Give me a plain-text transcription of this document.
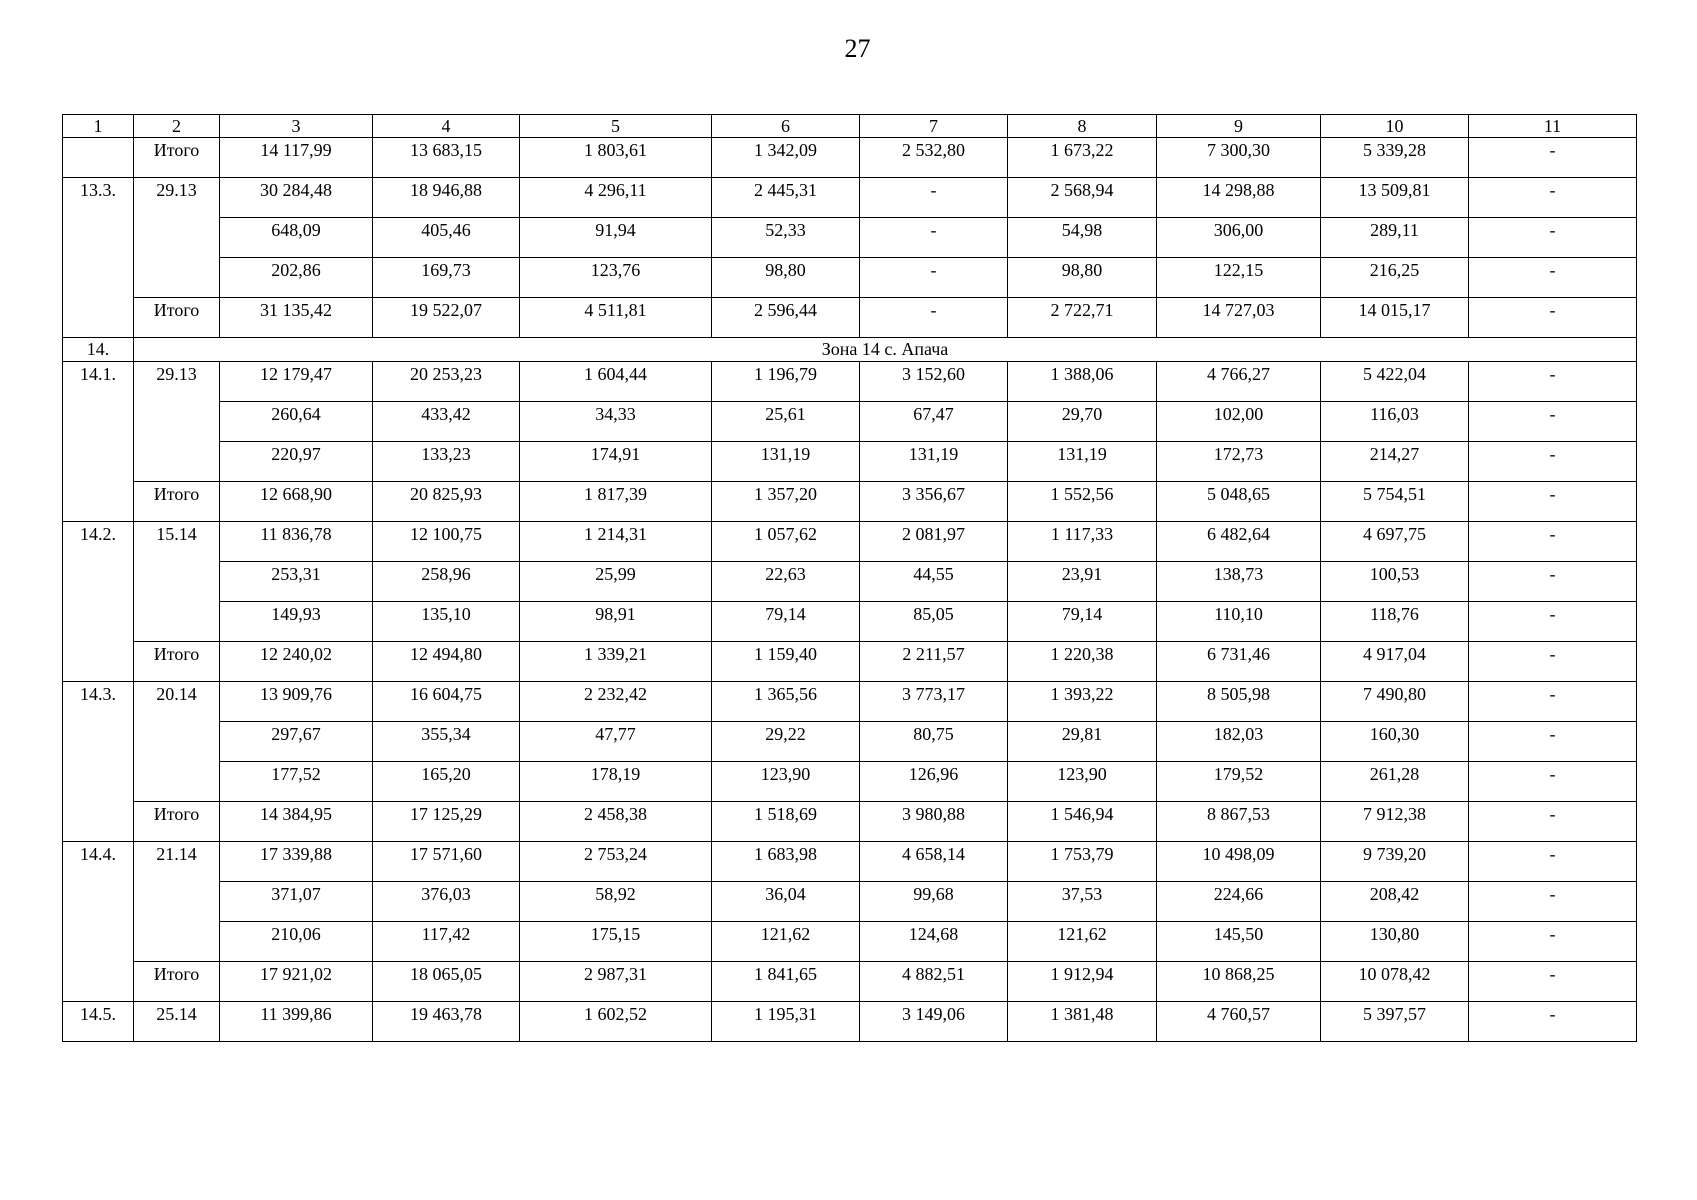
27
1	2	3	4	5	6	7	8	9	10	11
	Итого	14 117,99	13 683,15	1 803,61	1 342,09	2 532,80	1 673,22	7 300,30	5 339,28	-
13.3.	29.13	30 284,48	18 946,88	4 296,11	2 445,31	-	2 568,94	14 298,88	13 509,81	-
		648,09	405,46	91,94	52,33	-	54,98	306,00	289,11	-
		202,86	169,73	123,76	98,80	-	98,80	122,15	216,25	-
	Итого	31 135,42	19 522,07	4 511,81	2 596,44	-	2 722,71	14 727,03	14 015,17	-
14.	Зона 14 с. Апача									
14.1.	29.13	12 179,47	20 253,23	1 604,44	1 196,79	3 152,60	1 388,06	4 766,27	5 422,04	-
		260,64	433,42	34,33	25,61	67,47	29,70	102,00	116,03	-
		220,97	133,23	174,91	131,19	131,19	131,19	172,73	214,27	-
	Итого	12 668,90	20 825,93	1 817,39	1 357,20	3 356,67	1 552,56	5 048,65	5 754,51	-
14.2.	15.14	11 836,78	12 100,75	1 214,31	1 057,62	2 081,97	1 117,33	6 482,64	4 697,75	-
		253,31	258,96	25,99	22,63	44,55	23,91	138,73	100,53	-
		149,93	135,10	98,91	79,14	85,05	79,14	110,10	118,76	-
	Итого	12 240,02	12 494,80	1 339,21	1 159,40	2 211,57	1 220,38	6 731,46	4 917,04	-
14.3.	20.14	13 909,76	16 604,75	2 232,42	1 365,56	3 773,17	1 393,22	8 505,98	7 490,80	-
		297,67	355,34	47,77	29,22	80,75	29,81	182,03	160,30	-
		177,52	165,20	178,19	123,90	126,96	123,90	179,52	261,28	-
	Итого	14 384,95	17 125,29	2 458,38	1 518,69	3 980,88	1 546,94	8 867,53	7 912,38	-
14.4.	21.14	17 339,88	17 571,60	2 753,24	1 683,98	4 658,14	1 753,79	10 498,09	9 739,20	-
		371,07	376,03	58,92	36,04	99,68	37,53	224,66	208,42	-
		210,06	117,42	175,15	121,62	124,68	121,62	145,50	130,80	-
	Итого	17 921,02	18 065,05	2 987,31	1 841,65	4 882,51	1 912,94	10 868,25	10 078,42	-
14.5.	25.14	11 399,86	19 463,78	1 602,52	1 195,31	3 149,06	1 381,48	4 760,57	5 397,57	-
